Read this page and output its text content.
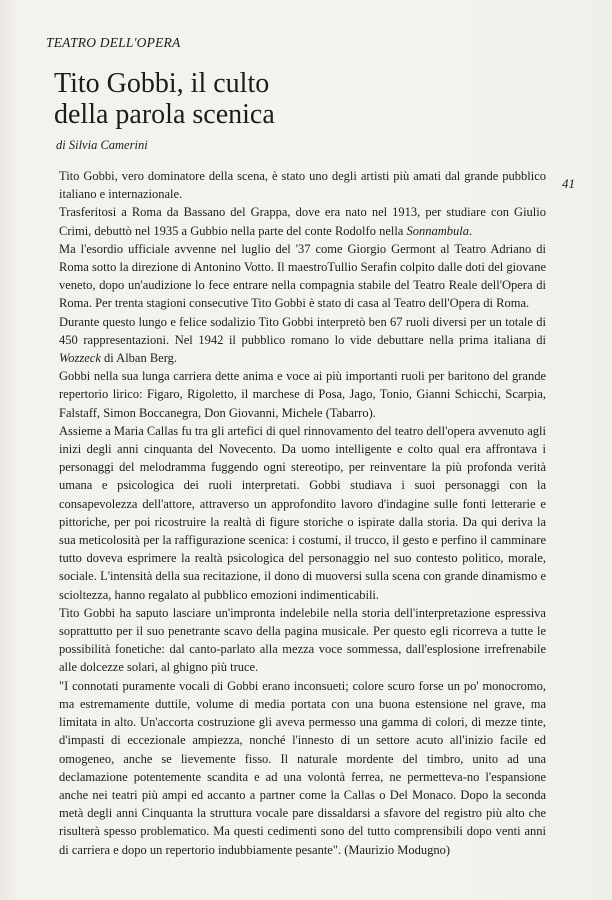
TEATRO DELL'OPERA
Tito Gobbi, il culto
della parola scenica
di Silvia Camerini
41

Tito Gobbi, vero dominatore della scena, è stato uno degli artisti più amati dal grande pubblico italiano e internazionale.

Trasferitosi a Roma da Bassano del Grappa, dove era nato nel 1913, per studiare con Giulio Crimi, debuttò nel 1935 a Gubbio nella parte del conte Rodolfo nella Sonnambula.

Ma l'esordio ufficiale avvenne nel luglio del '37 come Giorgio Germont al Teatro Adriano di Roma sotto la direzione di Antonino Votto. Il maestroTullio Serafin colpito dalle doti del giovane veneto, dopo un'audizione lo fece entrare nella compagnia stabile del Teatro Reale dell'Opera di Roma. Per trenta stagioni consecutive Tito Gobbi è stato di casa al Teatro dell'Opera di Roma.

Durante questo lungo e felice sodalizio Tito Gobbi interpretò ben 67 ruoli diversi per un totale di 450 rappresentazioni. Nel 1942 il pubblico romano lo vide debuttare nella prima italiana di Wozzeck di Alban Berg.

Gobbi nella sua lunga carriera dette anima e voce ai più importanti ruoli per baritono del grande repertorio lirico: Figaro, Rigoletto, il marchese di Posa, Jago, Tonio, Gianni Schicchi, Scarpia, Falstaff, Simon Boccanegra, Don Giovanni, Michele (Tabarro).

Assieme a Maria Callas fu tra gli artefici di quel rinnovamento del teatro dell'opera avvenuto agli inizi degli anni cinquanta del Novecento. Da uomo intelligente e colto qual era affrontava i personaggi del melodramma fuggendo ogni stereotipo, per reinventare la più profonda verità umana e psicologica dei ruoli interpretati. Gobbi studiava i suoi personaggi con la consapevolezza dell'attore, attraverso un approfondito lavoro d'indagine sulle fonti letterarie e pittoriche, per poi ricostruire la realtà di figure storiche o ispirate dalla storia. Da qui deriva la sua meticolosità per la raffigurazione scenica: i costumi, il trucco, il gesto e perfino il camminare tutto doveva esprimere la realtà psicologica del personaggio nel suo contesto politico, morale, sociale. L'intensità della sua recitazione, il dono di muoversi sulla scena con grande dinamismo e scioltezza, hanno regalato al pubblico emozioni indimenticabili.

Tito Gobbi ha saputo lasciare un'impronta indelebile nella storia dell'interpretazione espressiva soprattutto per il suo penetrante scavo della pagina musicale. Per questo egli ricorreva a tutte le possibilità fonetiche: dal canto-parlato alla mezza voce sommessa, dall'esplosione irrefrenabile alle dolcezze solari, al ghigno più truce.

"I connotati puramente vocali di Gobbi erano inconsueti; colore scuro forse un po' monocromo, ma estremamente duttile, volume di media portata con una buona estensione nel grave, ma limitata in alto. Un'accorta costruzione gli aveva permesso una gamma di colori, di mezze tinte, d'impasti di eccezionale ampiezza, nonché l'innesto di un settore acuto all'inizio facile ed omogeneo, anche se lievemente fisso. Il naturale mordente del timbro, unito ad una declamazione potentemente scandita e ad una volontà ferrea, ne permetteva-no l'espansione anche nei teatri più ampi ed accanto a partner come la Callas o Del Monaco. Dopo la seconda metà degli anni Cinquanta la struttura vocale pare dissaldarsi a sfavore del registro più alto che risulterà spesso problematico. Ma questi cedimenti sono del tutto comprensibili dopo venti anni di carriera e dopo un repertorio indubbiamente pesante". (Maurizio Modugno)
